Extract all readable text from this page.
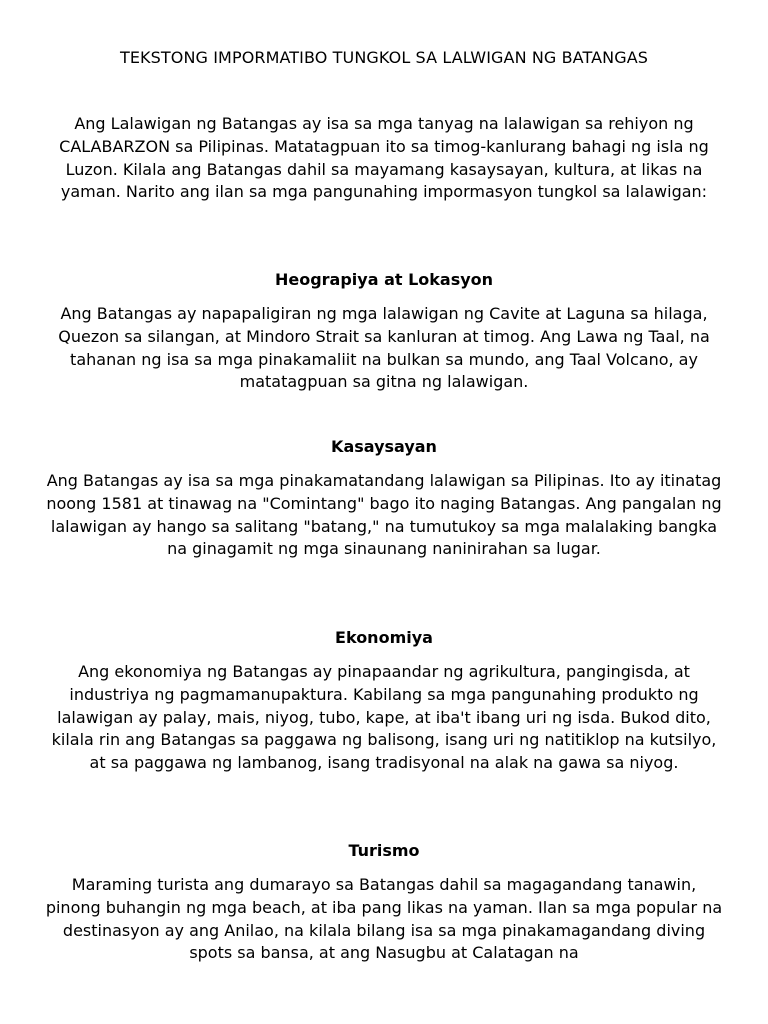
TEKSTONG IMPORMATIBO TUNGKOL SA LALWIGAN NG BATANGAS

Ang Lalawigan ng Batangas ay isa sa mga tanyag na lalawigan sa rehiyon ng CALABARZON sa Pilipinas. Matatagpuan ito sa timog-kanlurang bahagi ng isla ng Luzon. Kilala ang Batangas dahil sa mayamang kasaysayan, kultura, at likas na yaman. Narito ang ilan sa mga pangunahing impormasyon tungkol sa lalawigan:

Heograpiya at Lokasyon

Ang Batangas ay napapaligiran ng mga lalawigan ng Cavite at Laguna sa hilaga, Quezon sa silangan, at Mindoro Strait sa kanluran at timog. Ang Lawa ng Taal, na tahanan ng isa sa mga pinakamaliit na bulkan sa mundo, ang Taal Volcano, ay matatagpuan sa gitna ng lalawigan.

Kasaysayan

Ang Batangas ay isa sa mga pinakamatandang lalawigan sa Pilipinas. Ito ay itinatag noong 1581 at tinawag na "Comintang" bago ito naging Batangas. Ang pangalan ng lalawigan ay hango sa salitang "batang," na tumutukoy sa mga malalaking bangka na ginagamit ng mga sinaunang naninirahan sa lugar.

Ekonomiya

Ang ekonomiya ng Batangas ay pinapaandar ng agrikultura, pangingisda, at industriya ng pagmamanupaktura. Kabilang sa mga pangunahing produkto ng lalawigan ay palay, mais, niyog, tubo, kape, at iba't ibang uri ng isda. Bukod dito, kilala rin ang Batangas sa paggawa ng balisong, isang uri ng natitiklop na kutsilyo, at sa paggawa ng lambanog, isang tradisyonal na alak na gawa sa niyog.

Turismo

Maraming turista ang dumarayo sa Batangas dahil sa magagandang tanawin, pinong buhangin ng mga beach, at iba pang likas na yaman. Ilan sa mga popular na destinasyon ay ang Anilao, na kilala bilang isa sa mga pinakamagandang diving spots sa bansa, at ang Nasugbu at Calatagan na
